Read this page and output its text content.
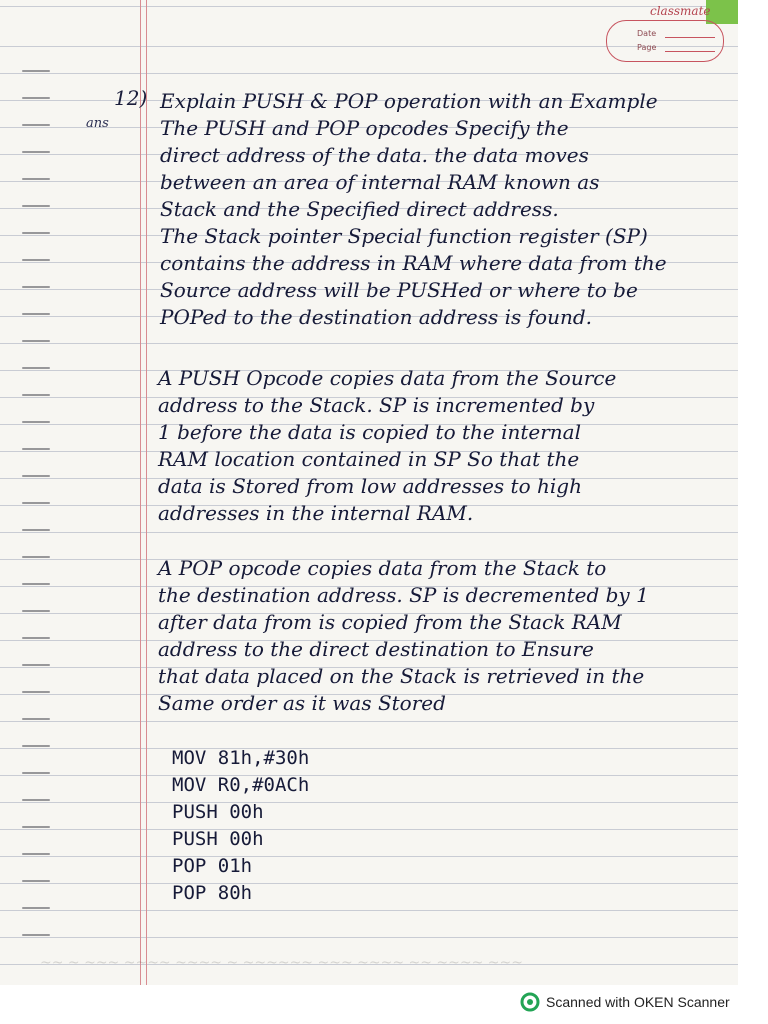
classmate
Date
Page
12)
ans
Explain PUSH & POP operation with an Example
The PUSH and POP opcodes Specify the
direct address of the data. the data moves
between an area of internal RAM known as
Stack and the Specified direct address.
The Stack pointer Special function register (SP)
contains the address in RAM where data from the
Source address will be PUSHed or where to be
POPed to the destination address is found.
A PUSH Opcode copies data from the Source
address to the Stack. SP is incremented by
1 before the data is copied to the internal
RAM location contained in SP So that the
data is Stored from low addresses to high
addresses in the internal RAM.
A POP opcode copies data from the Stack to
the destination address. SP is decremented by 1
after data from is copied from the Stack RAM
address to the direct destination to Ensure
that data placed on the Stack is retrieved in the
Same order as it was Stored
MOV 81h,#30h
MOV R0,#0ACh
PUSH 00h
PUSH 00h
POP 01h
POP 80h
~~ ~ ~~~ ~~~~ ~~~~ ~ ~~~~~~ ~~~ ~~~~ ~~ ~~~~ ~~~
Scanned with OKEN Scanner
